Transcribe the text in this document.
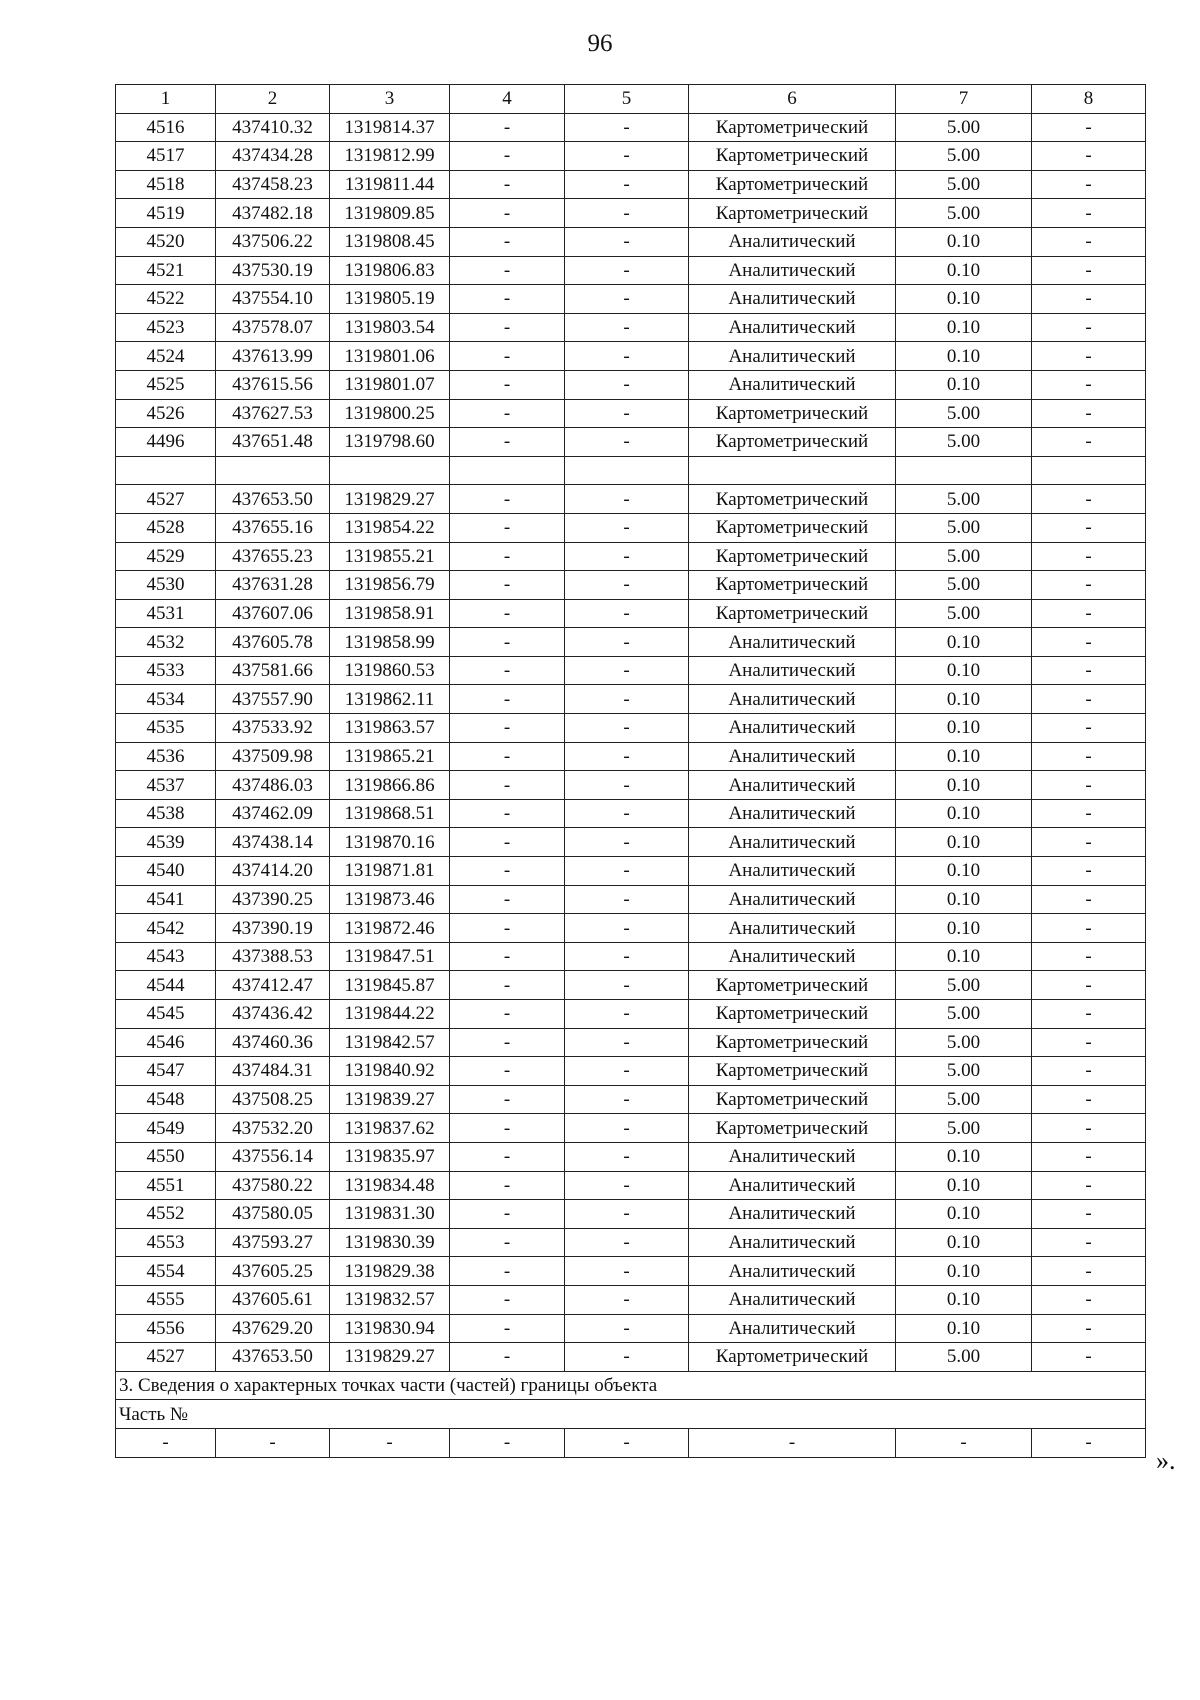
96
1	2	3	4	5	6	7	8
4516	437410.32	1319814.37	-	-	Картометрический	5.00	-
4517	437434.28	1319812.99	-	-	Картометрический	5.00	-
4518	437458.23	1319811.44	-	-	Картометрический	5.00	-
4519	437482.18	1319809.85	-	-	Картометрический	5.00	-
4520	437506.22	1319808.45	-	-	Аналитический	0.10	-
4521	437530.19	1319806.83	-	-	Аналитический	0.10	-
4522	437554.10	1319805.19	-	-	Аналитический	0.10	-
4523	437578.07	1319803.54	-	-	Аналитический	0.10	-
4524	437613.99	1319801.06	-	-	Аналитический	0.10	-
4525	437615.56	1319801.07	-	-	Аналитический	0.10	-
4526	437627.53	1319800.25	-	-	Картометрический	5.00	-
4496	437651.48	1319798.60	-	-	Картометрический	5.00	-

4527	437653.50	1319829.27	-	-	Картометрический	5.00	-
4528	437655.16	1319854.22	-	-	Картометрический	5.00	-
4529	437655.23	1319855.21	-	-	Картометрический	5.00	-
4530	437631.28	1319856.79	-	-	Картометрический	5.00	-
4531	437607.06	1319858.91	-	-	Картометрический	5.00	-
4532	437605.78	1319858.99	-	-	Аналитический	0.10	-
4533	437581.66	1319860.53	-	-	Аналитический	0.10	-
4534	437557.90	1319862.11	-	-	Аналитический	0.10	-
4535	437533.92	1319863.57	-	-	Аналитический	0.10	-
4536	437509.98	1319865.21	-	-	Аналитический	0.10	-
4537	437486.03	1319866.86	-	-	Аналитический	0.10	-
4538	437462.09	1319868.51	-	-	Аналитический	0.10	-
4539	437438.14	1319870.16	-	-	Аналитический	0.10	-
4540	437414.20	1319871.81	-	-	Аналитический	0.10	-
4541	437390.25	1319873.46	-	-	Аналитический	0.10	-
4542	437390.19	1319872.46	-	-	Аналитический	0.10	-
4543	437388.53	1319847.51	-	-	Аналитический	0.10	-
4544	437412.47	1319845.87	-	-	Картометрический	5.00	-
4545	437436.42	1319844.22	-	-	Картометрический	5.00	-
4546	437460.36	1319842.57	-	-	Картометрический	5.00	-
4547	437484.31	1319840.92	-	-	Картометрический	5.00	-
4548	437508.25	1319839.27	-	-	Картометрический	5.00	-
4549	437532.20	1319837.62	-	-	Картометрический	5.00	-
4550	437556.14	1319835.97	-	-	Аналитический	0.10	-
4551	437580.22	1319834.48	-	-	Аналитический	0.10	-
4552	437580.05	1319831.30	-	-	Аналитический	0.10	-
4553	437593.27	1319830.39	-	-	Аналитический	0.10	-
4554	437605.25	1319829.38	-	-	Аналитический	0.10	-
4555	437605.61	1319832.57	-	-	Аналитический	0.10	-
4556	437629.20	1319830.94	-	-	Аналитический	0.10	-
4527	437653.50	1319829.27	-	-	Картометрический	5.00	-
3. Сведения о характерных точках части (частей) границы объекта							
Часть №							
-	-	-	-	-	-	-	-
».
